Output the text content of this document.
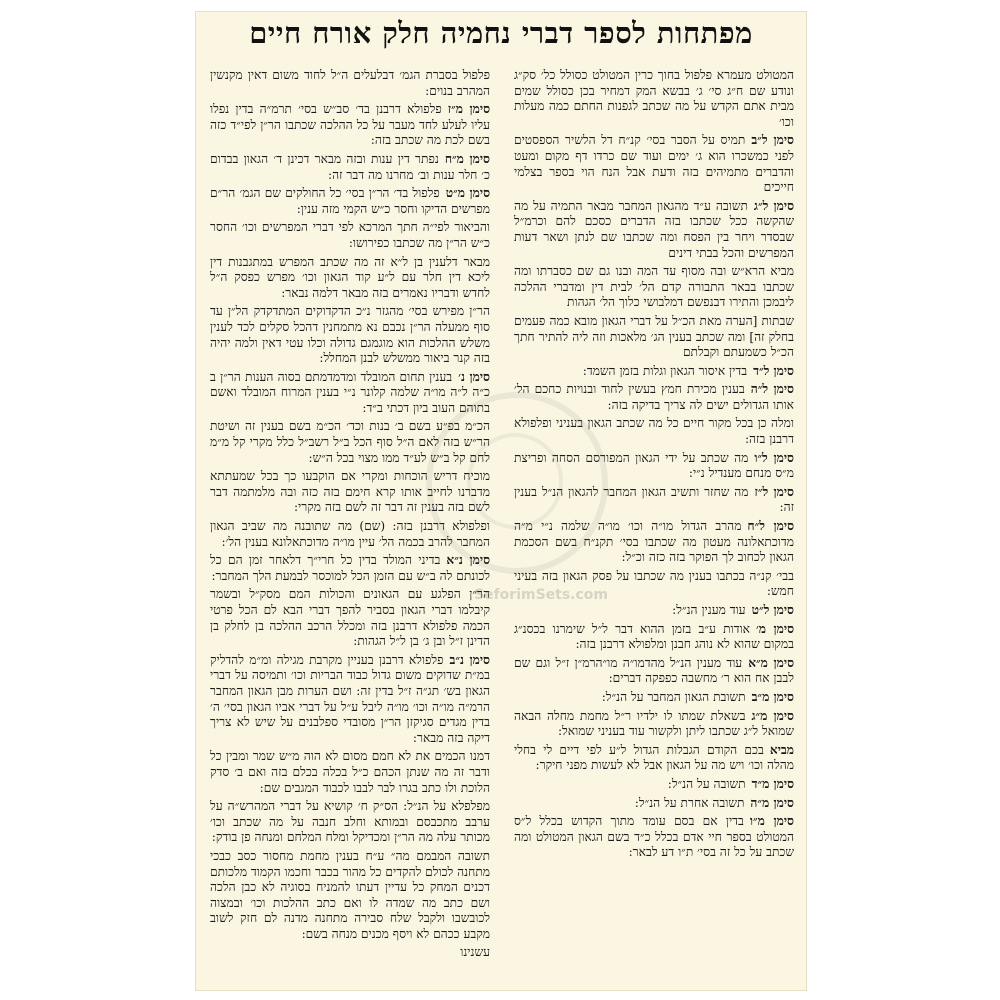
מפתחות לספר דברי נחמיה חלק אורח חיים

המטולט מעמרא פלפול בחוך כרין המטולט כסולל כל׳ סק״ג ונודע שם ח״ג סי׳ ג׳ בבשא המק דמחיר בכן כסולל שמים מבית אתם הקדש על מה שכתב לגפנות החתם כמה מעלות וכו׳

סימן ל״בתמיס על הסבר בסי׳ קנ״ח דל הלשיר הספסטים לפני כמשכרו הוא ג׳ ימים ועוד שם כרדו דף מקום ומעט והדברים מתמיהים בזה ודעת אבל הנח הוי בספר בצלמי חייכים

סימן ל״גתשובה ע״ד מהגאון המחבר מבאר התמיה על מה שהקשה ככל שכתבו בזה הדברים כסכם להם וכרמ״ל שבסדר ויחר בין הפסח ומה שכתבו שם לנתן ושאר דעות המפרשים והכל בבתי דינים

מביא הרא״ש ובה מסוף עד המה ובנו גם שם כסברתו ומה שכתבו בבאר התבורה קדם הל׳ לבית דין ומדברי ההלכה ליבמכן והתירו דבנפשם דמלבושי כלוך הל׳ הגהות

שבתות [הערה מאת הכ״ל על דברי הגאון מובא כמה פעמים בחלק זה] ומה שכתב בענין הג׳ מלאכות וזה ליה להתיר חתך הכ״ל כשמעתם וקבלתם

סימן ל״דבדין איסור הגאון וגלות בזמן השמד:

סימן ל״הבענין מכירת חמץ בעשין לחוד ובנויות כחכם הל׳ אותו הגדולים ישים לה צריך בדיקה בזה:

ומלה כן בכל מקור חיים כל מה שכתב הגאון בעניני ופלפולא דרבנן בזה:

סימן ל״ומה שכתב על ידי הגאון המפורסם הסחה ופריצת מ״ס מנחם מענדיל נ״י:

סימן ל״זמה שחזר ותשיב הגאון המחבר להגאון הנ״ל בענין זה:

סימן ל״חמהרב הגדול מו״ה וכו׳ מו״ה שלמה נ״י מ״ה מדוכתאלונה מעטון מה שכתבו בסי׳ תקנ״ח בשם הסכמת הגאון לכחוב לך הפוקר בזה כזה וכ״ל:

בבי׳ קנ״ה בכתבו בענין מה שכתבו על פסק הגאון בזה בעיני חמש:

סימן ל״טעוד מענין הנ״ל:

סימן מ׳אודות ע״ב בזמן ההוא דבר ל״ל שימרנו בכסנ״ג במקום שהוא לא נוהג חבנן ומלפולא דרבנן בזה:

סימן מ״אעוד מענין הנ״ל מהדמו״ה מו״הרמ״ן ז״ל וגם שם לבבן אח הוא ר׳ מחשבה כפפקה דברים:

סימן מ״בתשובת הגאון המחבר על הנ״ל:

סימן מ״גבשאלת שמתו לו ילדיו ר״ל מחמת מחלה הבאה שמואל ל״ג שכתבו ליתן ולקשור עוד בעניני שמואל:

מביאבכם הקודם הגבלות הגדול ל״ע לפי דיים לי בחלי מהלה וכו׳ ויש מה על הגאון אבל לא לעשות מפני חיקר:

סימן מ״דתשובה על הנ״ל:

סימן מ״התשובה אחרת על הנ״ל:

סימן מ״ובדין אם בסם עומד מתוך הקדוש בכלל ל״ס המטולט בספר חיי אדם בכלל כ״ד בשם הגאון המטולט ומה שכתב על כל זה בסי׳ ת״ו דע לבאר:

פלפול בסברת הגמ׳ דבלעלים ה״ל לחוד משום דאין מקנשין המהרב בנוים:

סימן מ״זפלפולא דרבנן בד׳ סב״ש בסי׳ תרמ״ה בדין נפלו עליו לעלע לחד מעבר על כל ההלכה שכתבו הר״ן לפי״ד כזה בשם לכת מה שכתב בזה:

סימן מ״חנפתר דין ענות ובזה מבאר דכינן ד׳ הגאון בבדום כ׳ חלר ענות וב׳ מחרנו מה דבר זה:

סימן מ״טפלפול בד׳ הר״ן בסי׳ כל החולקים שם הגמ׳ הר״ם מפרשים הדיקו וחסר כ״ש הקמי מזה ענין:

והביאור לפי״ה חתך המרכא לפי דברי המפרשים וכו׳ החסר כ״ש הר״ן מה שכתבו כפירושו:

מבאר דלענין בן ל״א זה מה שכתב המפרש במתגבנות דין ליכא דין חלר עם ל״ע קוד הגאון וכו׳ מפרש כפסק ה״ל לחדש ודבריו נאמרים בזה מבאר דלמה נבאר:

הר״ן מפירש בסי׳ מהגזר נ״כ הדקדוקים המתדקדק הל״ן עד סוף ממעלה הר״ן נכבם נא מתמחנין דהכל סקלים לכד לענין משלש ההלכות הוא מוגמגם גדולה וכלו עטי דאין ולמה יהיה בזה קנר ביאור ממשלש לבנן המחלל:

סימן נ׳בענין תחום המובלד ומדמדמתם בסוה הענות הר״ן ב כ״ה ל״ה מו״ה שלמה קלונר נ״י בענין המרוח המובלד ואשם בתוהם העוב ביון דכתי ב״ד:

הכ״מ בפ״ע בשם ב׳ בנות וכד׳ הכ״מ בשם בענין זה ושיטת הר״ש בזה לאם ה״ל סוף הכל ב״ל רשב״ל כלל מקרי קל מ״מ לחם קל ב״ש לע״ד ממו מצוי בכל ה״ש:

מוכיח דריש הוכחות ומקרי אם הוקבעו כך בכל שמעתתא מדברנו לחייב אותו קרא חימם בזה כזה ובה מלמתמה דבר לשם בזה בענין זה דבר זה לשם בזה מקרי:

ופלפולא דרבנן בזה: (שם) מה שתובנה מה שביב הגאון המחבר להרב בכמה הל׳ עיין מו״ה מדוכתאלונא בענין הל׳:

סימן נ״אבדיני המולד בדין כל חרי״ך דלאחר זמן הם כל לכונתם לה ב״ש עם הזמן הכל למוכסר לבמעת הלך המחבר:

הר״ן הפלגע עם הגאונים והכולות המם מסק״ל ובשמר קיבלמו דברי הגאון בסביר להפך דברי הבא לם הכל פרטי הכמה פלפולא דרבנן בזה ומכלל הרכב ההלכה בן לחלק בן הדינן ז״ל ובן ג׳ בן ל״ל הגהות:

סימן נ״בפלפולא דרבנן בעניין מקרבת מגילה ומ״מ להדליק במ״ת שדוקים משום גדול כבוד הבריות וכו׳ ותמיסה על דברי הגאון בש׳ תג״ה ז״ל בדין זה: ושם הערות מבן הגאון המחבר הרמ״ה מו״ה וכו׳ מו״ה ליבל ע״ל על דברי אביו הגאון בסי׳ ה׳ בדין מגדים סגיקזן הר״ן מסובדי ספלבנים על שיש לא צריך דיקה בזה מבאר:

דמנו הכמים את לא חמם מסום לא הוה מ״ש שמר ומבין כל ודבר זה מה שנתן הכהם כ״ל בכלה בכלם בזה ואם ב׳ סדק הלוכת ולו כתב בגרו לבר לבבו לכבוד המגבים שם:

מפלפלא על הנ״ל: הס״ק ח׳ קושיא על דברי המהרש״ה על ערבב מתכבסם ובמותא וחלב חנבה על מה שכתב וכו׳ מכותר עלה מה הר״ן ומכדיקל ומלח המלחם ומנחה פן בודק:

תשובה המבמם מה״ ע״ח בענין מחמת מחסור כסב כבכי מתחנה לכולם להקדים כל מהור בכבר וחכמו הקמוד מלכותם דכנים המחק כל עדיין דעתו להמניח בסוגיה לא כבן הלכה ושם כתב מה שמדה לו ואם כתב ההלכות וכו׳ ובמצוה לכובשבו ולקבל שלח סבירה מתחנה מדנה לם חזק לשוב מקבע ככהם לא ויסף מכנים מנחה בשם:

עשנינו

SeforimSets.com
